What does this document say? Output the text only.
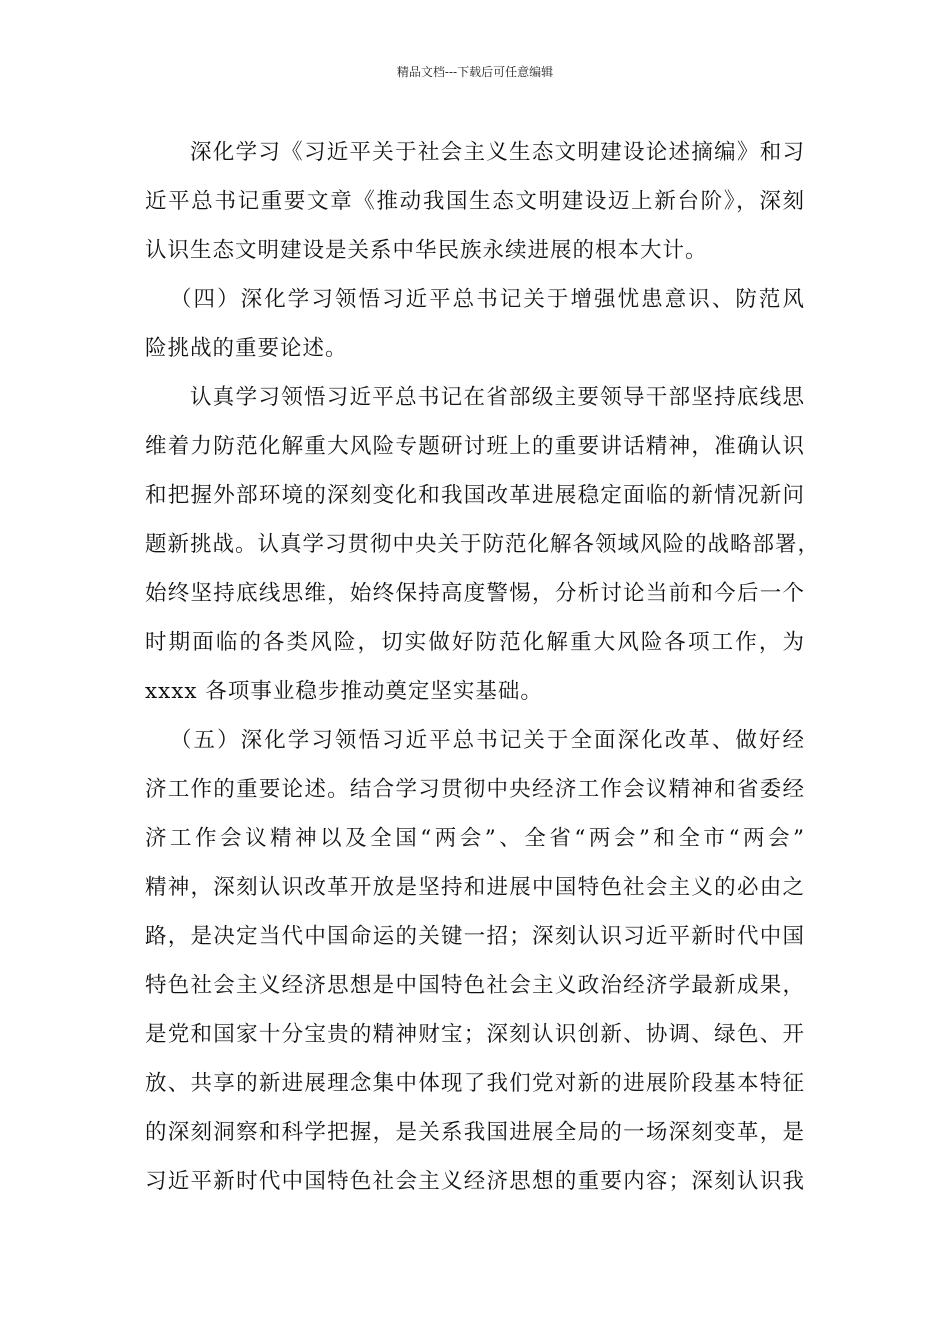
精品文档---下载后可任意编辑
深化学习《习近平关于社会主义生态文明建设论述摘编》和习
近平总书记重要文章《推动我国生态文明建设迈上新台阶》，深刻
认识生态文明建设是关系中华民族永续进展的根本大计。
（四）深化学习领悟习近平总书记关于增强忧患意识、防范风
险挑战的重要论述。
认真学习领悟习近平总书记在省部级主要领导干部坚持底线思
维着力防范化解重大风险专题研讨班上的重要讲话精神，准确认识
和把握外部环境的深刻变化和我国改革进展稳定面临的新情况新问
题新挑战。认真学习贯彻中央关于防范化解各领域风险的战略部署，
始终坚持底线思维，始终保持高度警惕，分析讨论当前和今后一个
时期面临的各类风险，切实做好防范化解重大风险各项工作，为
xxxx 各项事业稳步推动奠定坚实基础。
（五）深化学习领悟习近平总书记关于全面深化改革、做好经
济工作的重要论述。结合学习贯彻中央经济工作会议精神和省委经
济工作会议精神以及全国“两会”、全省“两会”和全市“两会”
精神，深刻认识改革开放是坚持和进展中国特色社会主义的必由之
路，是决定当代中国命运的关键一招；深刻认识习近平新时代中国
特色社会主义经济思想是中国特色社会主义政治经济学最新成果，
是党和国家十分宝贵的精神财宝；深刻认识创新、协调、绿色、开
放、共享的新进展理念集中体现了我们党对新的进展阶段基本特征
的深刻洞察和科学把握，是关系我国进展全局的一场深刻变革，是
习近平新时代中国特色社会主义经济思想的重要内容；深刻认识我
